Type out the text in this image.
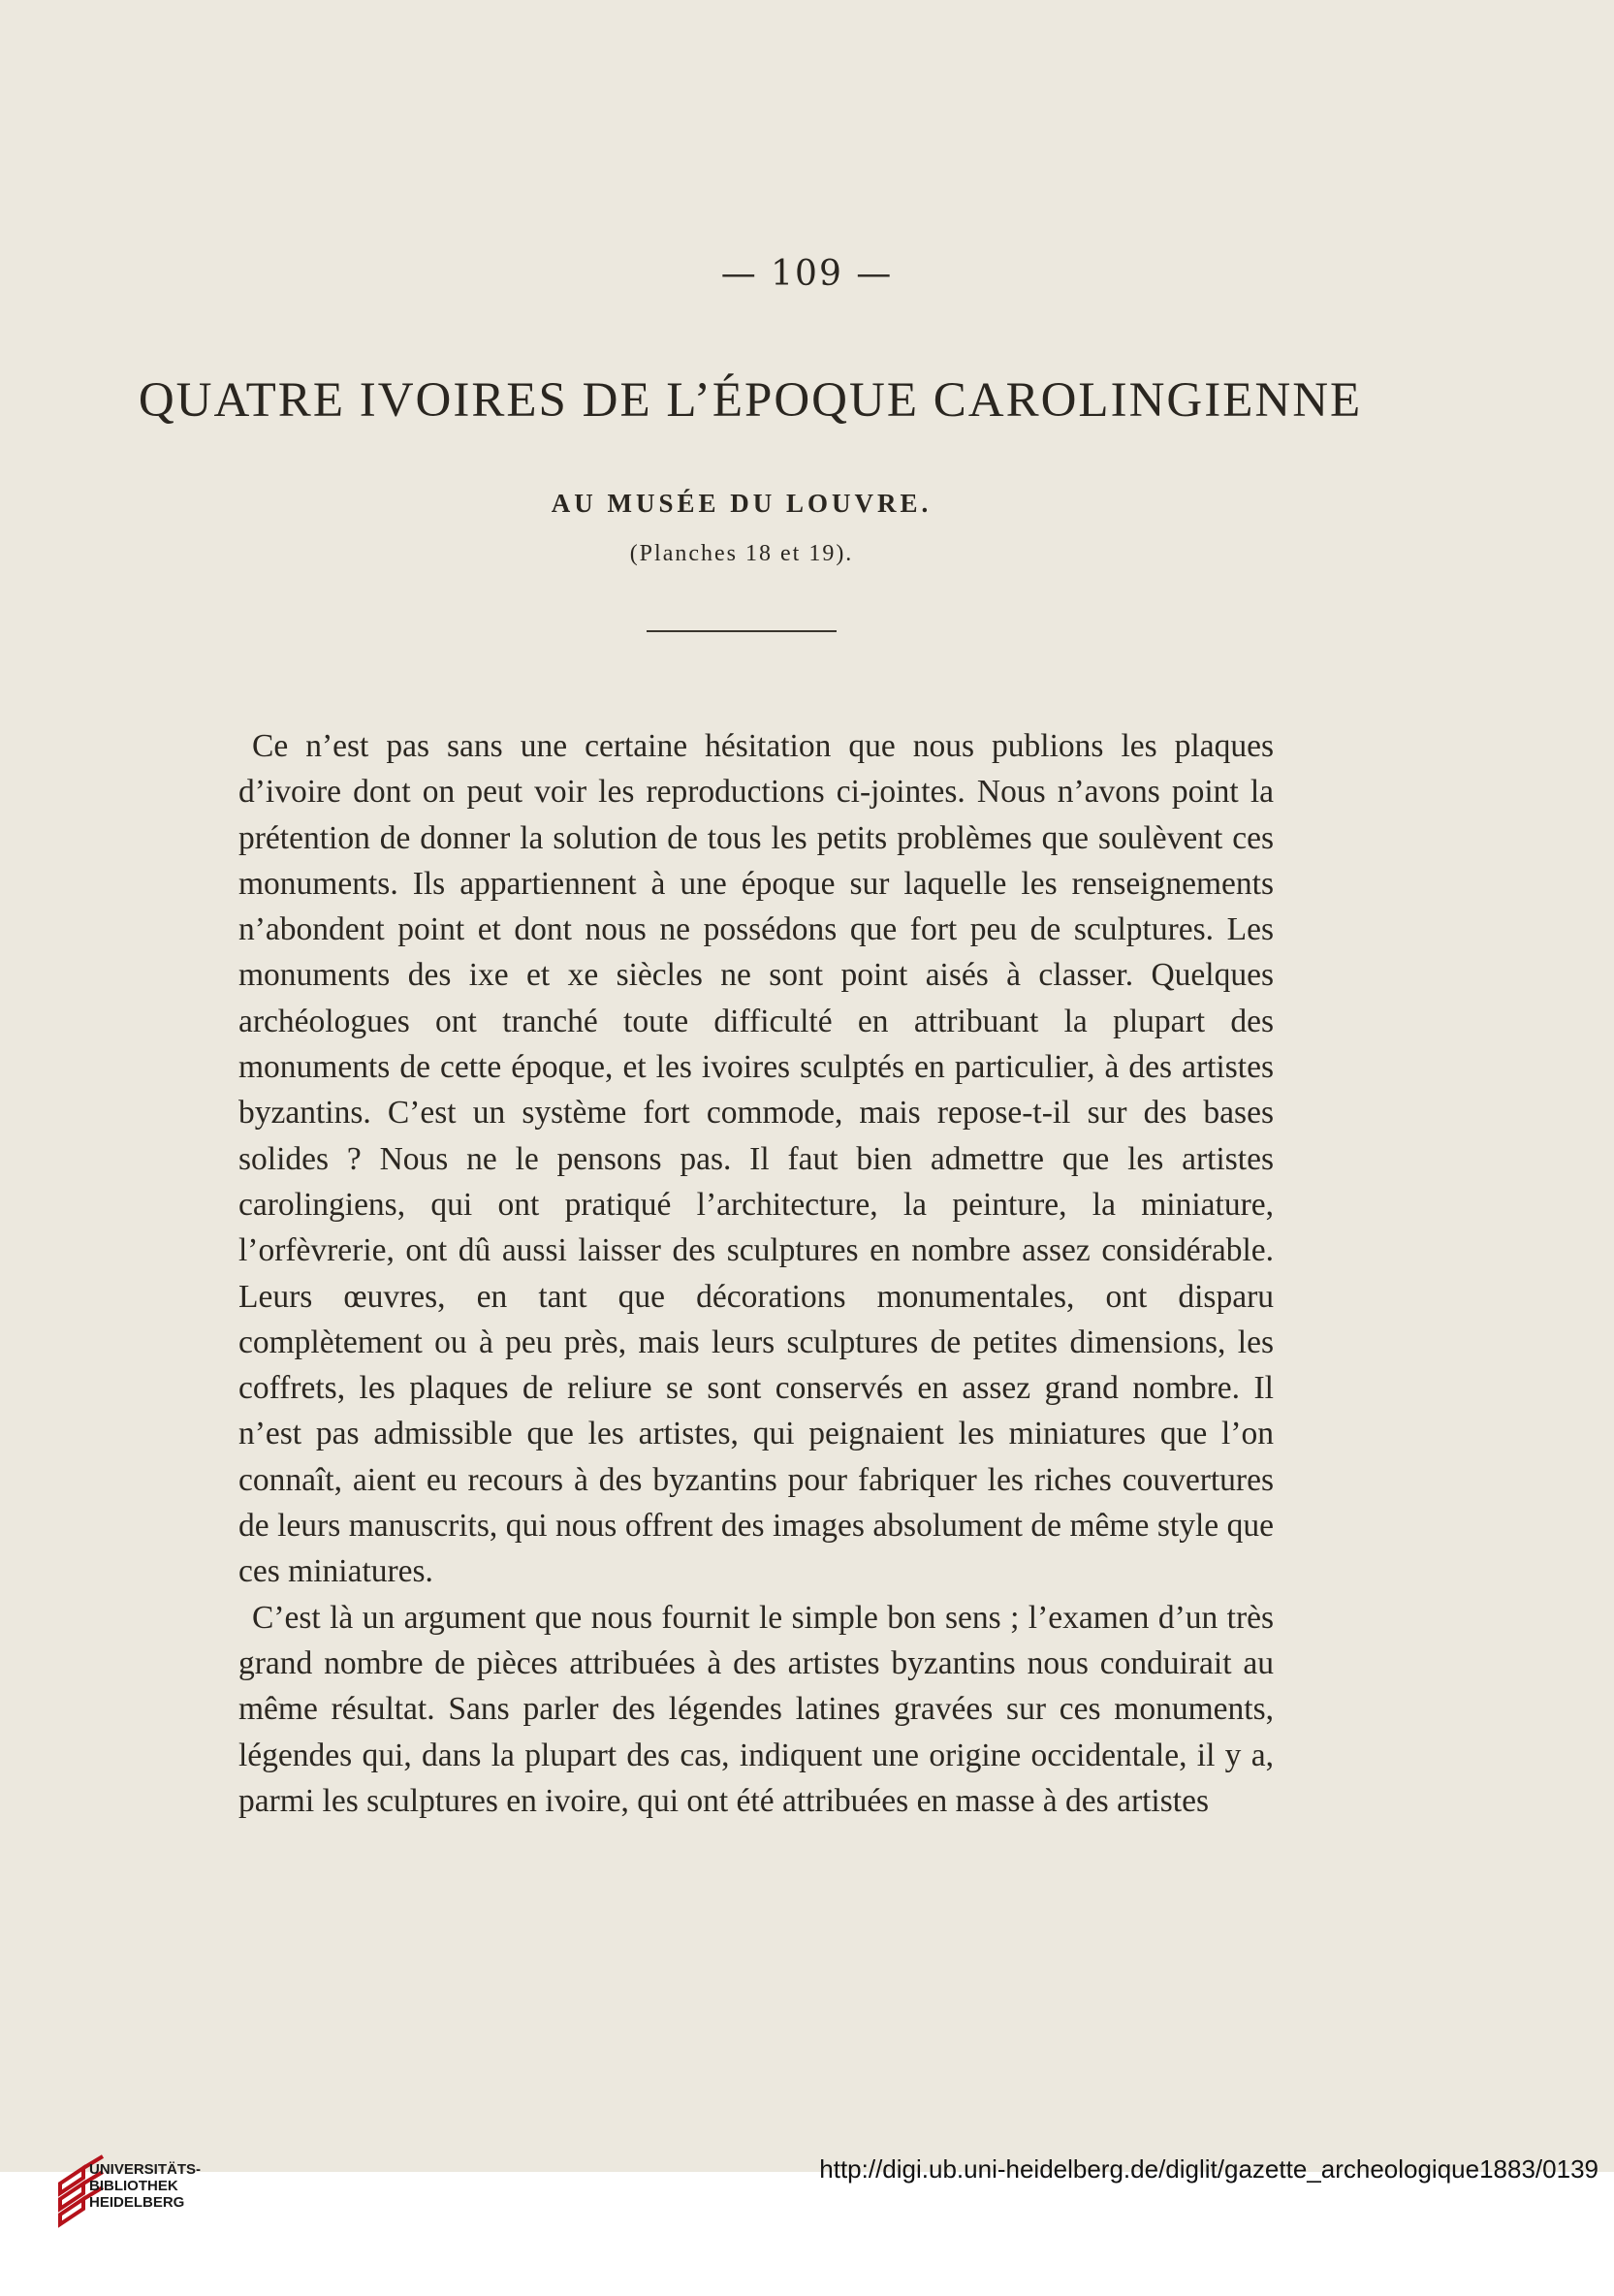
— 109 —
QUATRE IVOIRES DE L’ÉPOQUE CAROLINGIENNE
AU MUSÉE DU LOUVRE.
(Planches 18 et 19).

Ce n’est pas sans une certaine hésitation que nous publions les plaques d’ivoire dont on peut voir les reproductions ci-jointes. Nous n’avons point la prétention de donner la solution de tous les petits problèmes que soulèvent ces monuments. Ils appartiennent à une époque sur laquelle les renseignements n’abondent point et dont nous ne possédons que fort peu de sculptures. Les monuments des ixe et xe siècles ne sont point aisés à classer. Quelques archéologues ont tranché toute difficulté en attribuant la plupart des monuments de cette époque, et les ivoires sculptés en particulier, à des artistes byzantins. C’est un système fort commode, mais repose-t-il sur des bases solides ? Nous ne le pensons pas. Il faut bien admettre que les artistes carolingiens, qui ont pratiqué l’architecture, la peinture, la miniature, l’orfèvrerie, ont dû aussi laisser des sculptures en nombre assez considérable. Leurs œuvres, en tant que décorations monumentales, ont disparu complètement ou à peu près, mais leurs sculptures de petites dimensions, les coffrets, les plaques de reliure se sont conservés en assez grand nombre. Il n’est pas admissible que les artistes, qui peignaient les miniatures que l’on connaît, aient eu recours à des byzantins pour fabriquer les riches couvertures de leurs manuscrits, qui nous offrent des images absolument de même style que ces miniatures.

C’est là un argument que nous fournit le simple bon sens ; l’examen d’un très grand nombre de pièces attribuées à des artistes byzantins nous conduirait au même résultat. Sans parler des légendes latines gravées sur ces monuments, légendes qui, dans la plupart des cas, indiquent une origine occidentale, il y a, parmi les sculptures en ivoire, qui ont été attribuées en masse à des artistes

UNIVERSITÄTS-
BIBLIOTHEK
HEIDELBERG
http://digi.ub.uni-heidelberg.de/diglit/gazette_archeologique1883/0139
